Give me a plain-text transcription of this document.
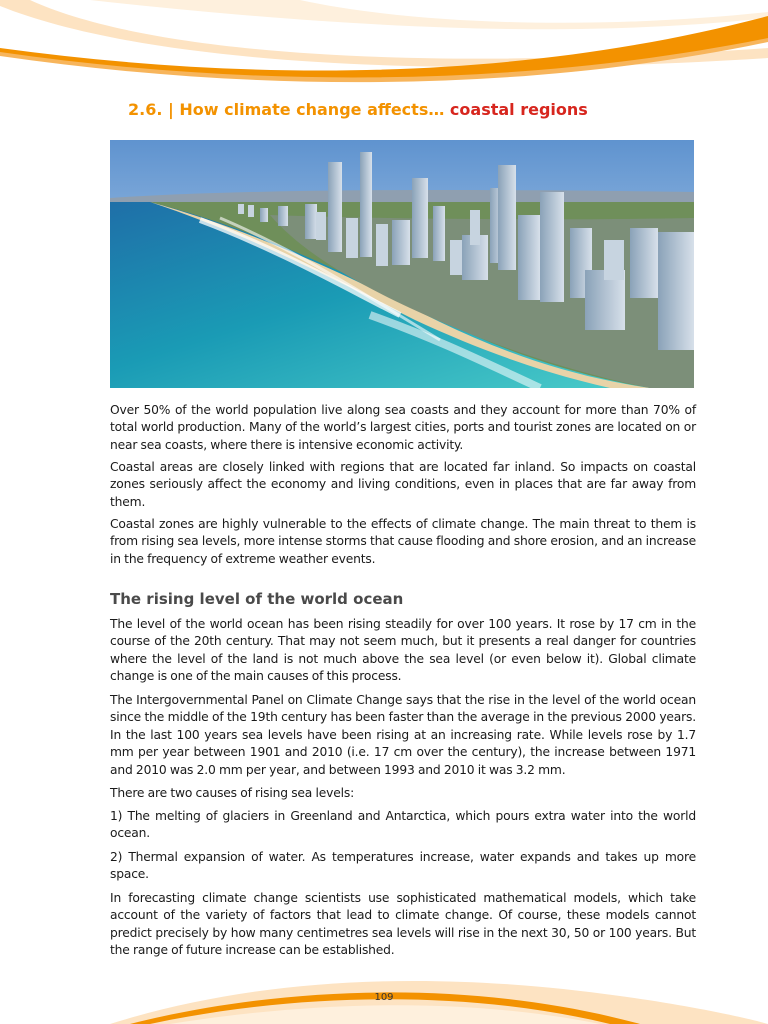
2.6. | How climate change affects… coastal regions

Over 50% of the world population live along sea coasts and they account for more than 70% of total world production. Many of the world’s largest cities, ports and tourist zones are located on or near sea coasts, where there is intensive economic activity.

Coastal areas are closely linked with regions that are located far inland. So impacts on coastal zones seriously affect the economy and living conditions, even in places that are far away from them.

Coastal zones are highly vulnerable to the effects of climate change. The main threat to them is from rising sea levels, more intense storms that cause flooding and shore erosion, and an increase in the frequency of extreme weather events.

The rising level of the world ocean

The level of the world ocean has been rising steadily for over 100 years. It rose by 17 cm in the course of the 20th century. That may not seem much, but it presents a real danger for countries where the level of the land is not much above the sea level (or even below it). Global climate change is one of the main causes of this process.

The Intergovernmental Panel on Climate Change says that the rise in the level of the world ocean since the middle of the 19th century has been faster than the average in the previous 2000 years. In the last 100 years sea levels have been rising at an increasing rate. While levels rose by 1.7 mm per year between 1901 and 2010 (i.e. 17 cm over the century), the increase between 1971 and 2010 was 2.0 mm per year, and between 1993 and 2010 it was 3.2 mm.

There are two causes of rising sea levels:

1) The melting of glaciers in Greenland and Antarctica, which pours extra water into the world ocean.

2) Thermal expansion of water. As temperatures increase, water expands and takes up more space.

In forecasting climate change scientists use sophisticated mathematical models, which take account of the variety of factors that lead to climate change. Of course, these models cannot predict precisely by how many centimetres sea levels will rise in the next 30, 50 or 100 years. But the range of future increase can be established.

109
